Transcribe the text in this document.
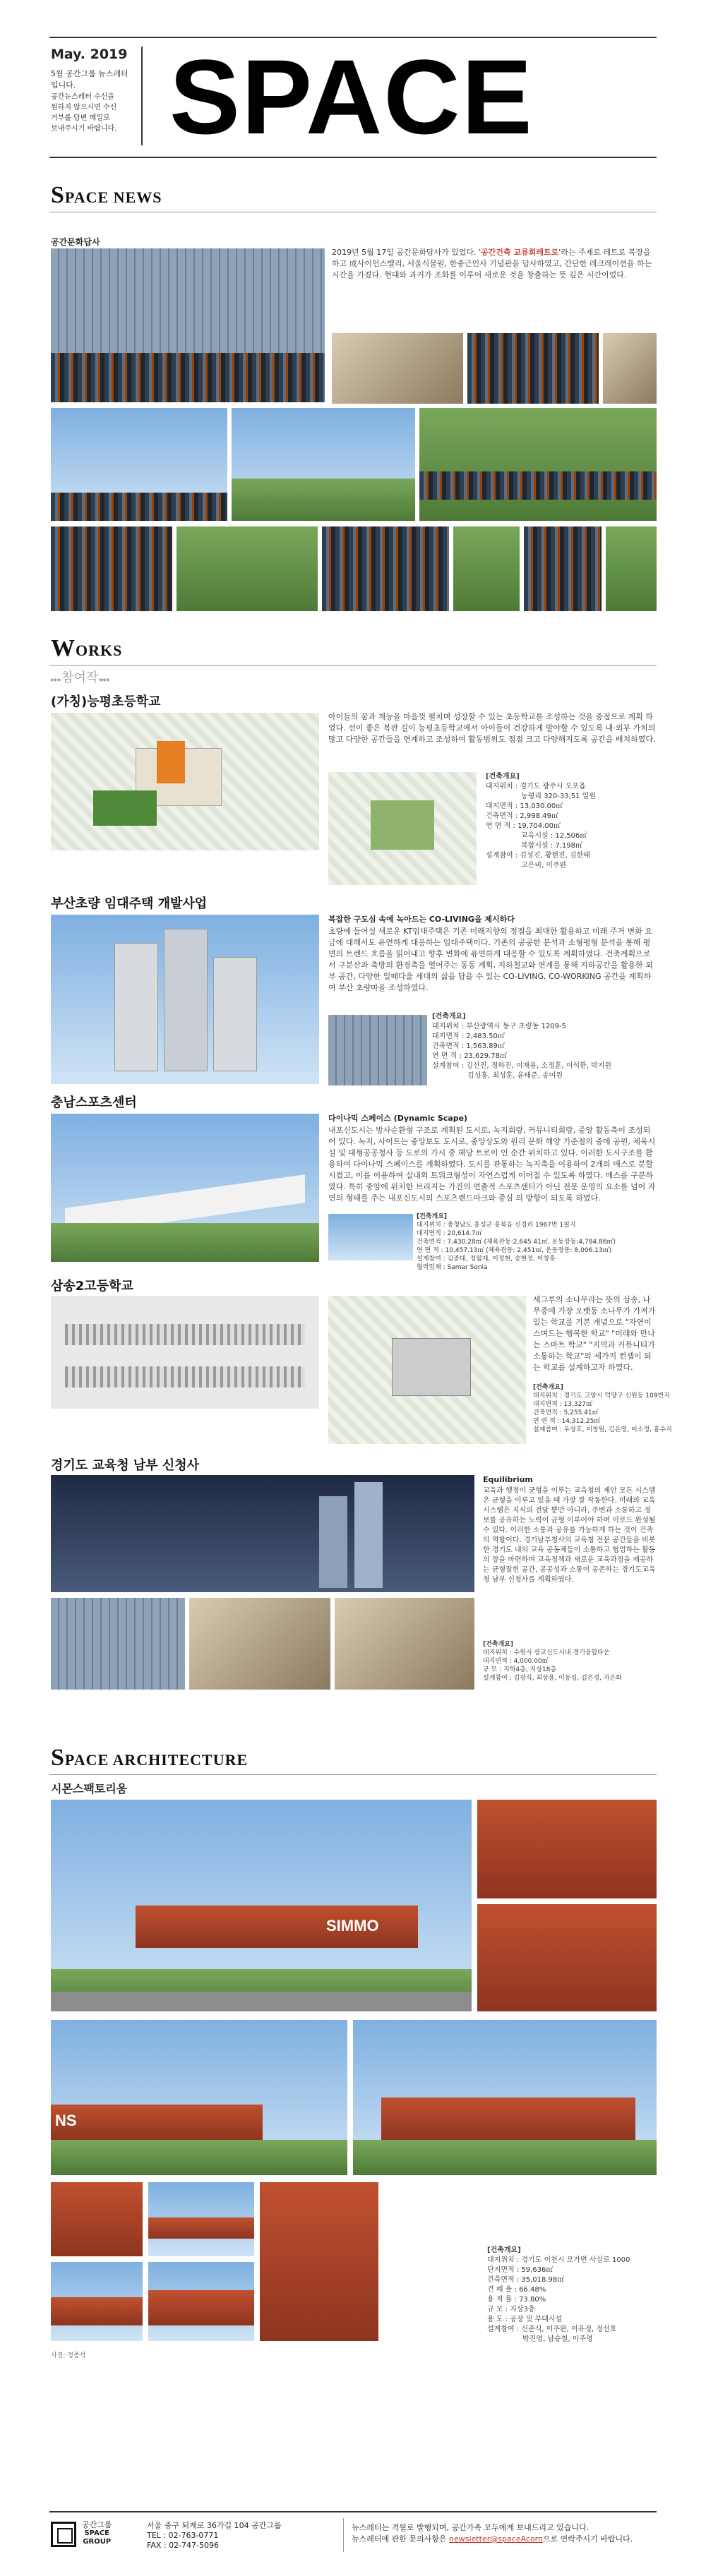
May. 2019
5월 공간그룹 뉴스레터 입니다.
공간뉴스레터 수신을
원하지 않으시면 수신
거부를 답변 메일로
보내주시기 바랍니다. SPACE
SPACE NEWS
공간문화답사
2019년 5월 17일 공간문화답사가 있었다. '공간건축 교류회레트로'라는 주제로 레트로 복장을 하고 成사이언스밸리, 서울식물원, 한중근인사 기념관을 답사하였고, 간단한 레크레이션을 하는 시간을 가졌다. 현대와 과거가 조화를 이루어 새로운 것을 창출하는 뜻 깊은 시간이었다.
WORKS
▸▸▸참여작◂◂◂
(가칭)능평초등학교
아이들의 꿈과 재능을 마음껏 펼치며 성장할 수 있는 초등학교를 조성하는 것을 중점으로 계획 하였다. 선이 좋은 복판 길이 능평초등학교에서 아이들이 건강하게 발야할 수 있도록 내·외부 가치의 많고 다양한 공간들을 연계하고 조성하여 활동범위도 점점 크고 다양해지도록 공간을 배치하였다.
[건축개요]
대지위치 : 경기도 광주시 오포읍
능평리 320-33,51 일원
대지면적 : 13,030.00㎡
건축면적 : 2,998.49㎡
연 면 적 : 19,704.00㎡
교육시설 : 12,506㎡
복합시설 : 7,198㎡
설계참여 : 김성진, 황현진, 김한태
고은비, 이주완
부산초량 임대주택 개발사업
복잡한 구도심 속에 녹아드는 CO-LIVING을 제시하다
초량에 들어설 새로운 KT임대주택은 기존 미래지향의 정점을 최대한 활용하고 미래 주거 변화 요금에 대해서도 유연하게 대응하는 임대주택이다. 기존의 공공한 분석과 소형평형 분석을 통해 평면의 트렌드 흐름을 읽어내고 향후 변화에 유연하게 대응할 수 있도록 계획하였다. 건축계획으로서 구분산과 축방의 환경축을 열어주는 동동 계획, 지하철교와 연계를 통해 지하공간을 활용한 외부 공간, 다양한 일때다울 세대의 삶을 담을 수 있는 CO-LIVING, CO-WORKING 공간을 계획하여 부산 초량마을 조성하였다.
[건축개요]
대지위치 : 부산광역시 동구 초량동 1209-5
대지면적 : 2,483.50㎡
건축면적 : 1,563.89㎡
연 면 적 : 23,629.78㎡
설계참여 : 김선진, 정하진, 이재용, 소정훈, 이석환, 박지원
김성흥, 최성훈, 윤태준, 송여원
충남스포츠센터
다이나믹 스페이스 (Dynamic Scape)
내포신도시는 방사순환형 구조로 계획된 도시로, 녹지회랑, 커뮤니티회랑, 중앙 활동축이 조성되어 있다. 녹지, 사이트는 중앙보도 도시로, 중앙상도와 원리 문화 해양 기준점의 중에 공원, 체육시설 및 대형공공청사 등 도로의 가시 중 해당 트로이 인 순간 위치하고 있다. 이러한 도시구조를 활용하여 다이나믹 스페이스를 계획하였다. 도시를 관통하는 녹지축을 이용하여 2개의 매스로 분할시켰고, 이를 이용하여 실내외 트워크형성이 자연스럽게 이어질 수 있도록 하였다. 매스를 구분하였다. 특히 중앙에 위치한 브리지는 가진의 연출적 스포츠센터가 아닌 전문 운영의 요소를 넘어 자연의 형태를 주는 내포신도시의 스포츠랜드마크와 중심 의 방향이 되도록 하였다.
[건축개요]
대지위치 : 충청남도 홍성군 홍북읍 신경리 1967번 1필지
대지면적 : 20,614.7㎡
건축면적 : 7,430.28㎡ (체육관동:2,645.41㎡, 운동장동:4,784.86㎡)
연 면 적 : 10,457.13㎡ (체육관동: 2,451㎡, 운동장동: 8,006.13㎡)
설계참여 : 김종대, 정월재, 이정현, 송현정, 이창훈
협력업체 : Samar Sonia
삼송2고등학교
세그루의 소나무라는 뜻의 삼송, 나무중에 가장 오랫동 소나무가 가져가 있는 학교를 기본 개념으로 "자연이 스며드는 행복한 학교" "미래와 만나는 스마트 학교" "지역과 커뮤니티가 소통하는 학교"의 세가지 컨셉이 되는 학교를 설계하고자 하였다.
[건축개요]
대지위치 : 경기도 고양시 덕양구 신원동 109번지
대지면적 : 13,327㎡
건축면적 : 5,255.41㎡
연 면 적 : 14,312.25㎡
설계참여 : 우상호, 이창원, 김은영, 이소정, 홍수지
경기도 교육청 남부 신청사
Equilibrium
교육과 행정이 균형을 이루는 교육청의 제안 모든 시스템은 균형을 이루고 있을 때 가장 잘 작동한다. 미래의 교육시스템은 지식의 전달 뿐만 아니라, 주변과 소통하고 정보를 공유하는 노력이 균형 이루어야 하며 이로드 완성될 수 있다. 이러한 소통과 공유를 가능하게 하는 것이 건축의 역할이다. 경기남부청사의 교육청 전문 공간들을 비롯한 경기도 내의 교육 공동체들이 소통하고 협업하는 활동의 장을 마련하며 교육정책과 새로운 교육과정을 제공하는 균형잡힌 공간, 공공성과 소통이 공존하는 경기도교육청 남부 신청사를 계획하였다.
[건축개요]
대지위치 : 수원시 광교신도시내 경기융합타운
대지면적 : 4,000.00㎡
규 모 : 지하4층, 지상18층
설계참여 : 김광식, 최상용, 이동섭, 김은경, 자은화
SPACE ARCHITECTURE
시몬스팩토리움
SIMMO
NS
[건축개요]
대지위치 : 경기도 이천시 모가면 사실로 1000
단지면적 : 59,636㎡
건축면적 : 35,018.98㎡
건 폐 율 : 66.48%
용 적 률 : 73.80%
규 모 : 지상3층
용 도 : 공장 및 부대시설
설계참여 : 신준식, 이주완, 이유정, 정선호
박진영, 남승철, 이주영
사진: 정종석
공간그룹
SPACE
GROUP
서울 중구 퇴계로 36가길 104 공간그룹
TEL : 02-763-0771
FAX : 02-747-5096
뉴스레터는 격월로 발행되며, 공간가족 모두에게 보내드리고 있습니다.
뉴스레터에 관한 문의사항은 newsletter@spaceAcorn으로 연락주시기 바랍니다.
